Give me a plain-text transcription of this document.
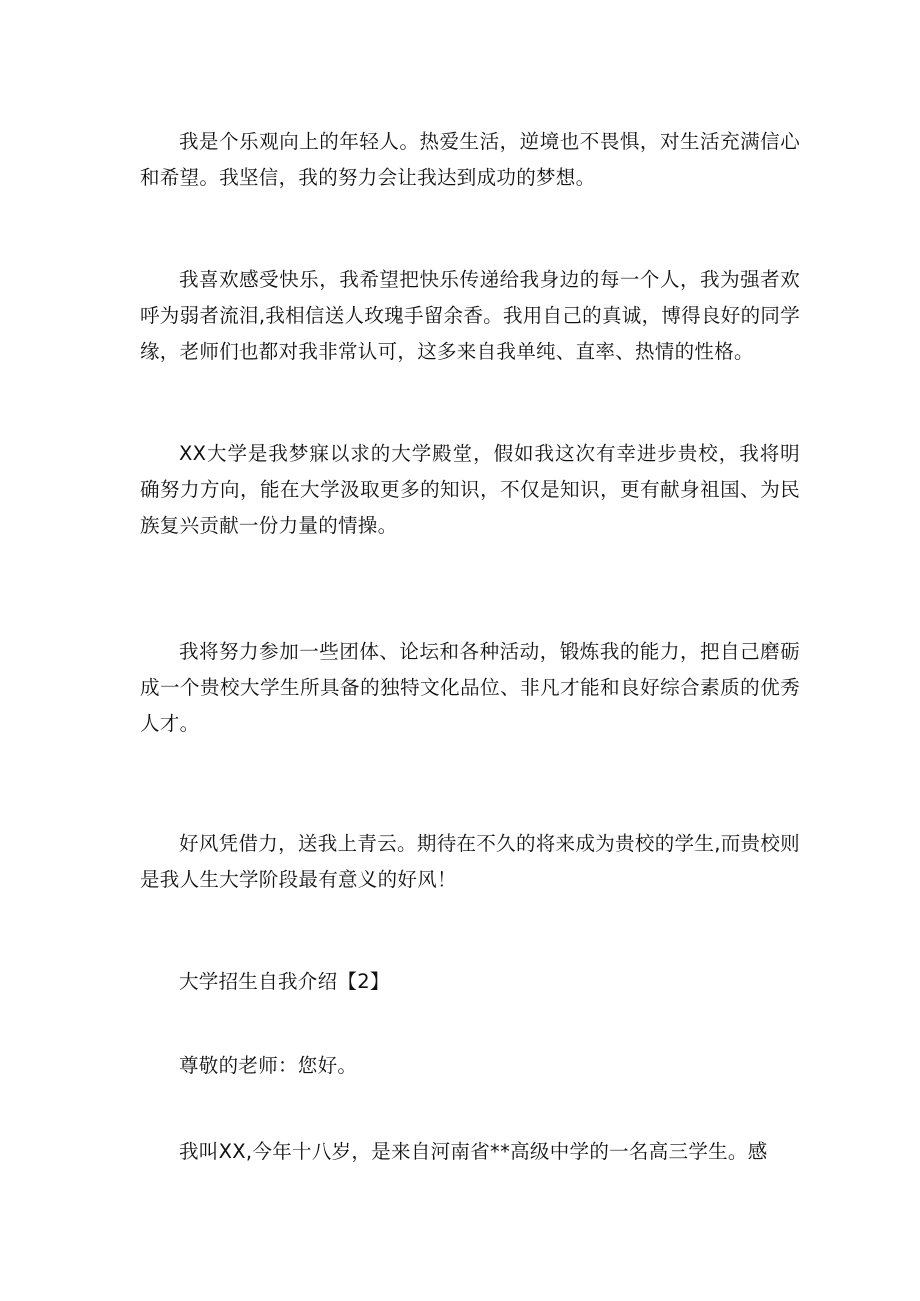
我是个乐观向上的年轻人。热爱生活，逆境也不畏惧，对生活充满信心和希望。我坚信，我的努力会让我达到成功的梦想。

我喜欢感受快乐，我希望把快乐传递给我身边的每一个人，我为强者欢呼为弱者流泪,我相信送人玫瑰手留余香。我用自己的真诚，博得良好的同学缘，老师们也都对我非常认可，这多来自我单纯、直率、热情的性格。

XX大学是我梦寐以求的大学殿堂，假如我这次有幸进步贵校，我将明确努力方向，能在大学汲取更多的知识，不仅是知识，更有献身祖国、为民族复兴贡献一份力量的情操。

我将努力参加一些团体、论坛和各种活动，锻炼我的能力，把自己磨砺成一个贵校大学生所具备的独特文化品位、非凡才能和良好综合素质的优秀人才。

好风凭借力，送我上青云。期待在不久的将来成为贵校的学生,而贵校则是我人生大学阶段最有意义的好风！

大学招生自我介绍【2】

尊敬的老师：您好。

我叫XX,今年十八岁，是来自河南省**高级中学的一名高三学生。感
